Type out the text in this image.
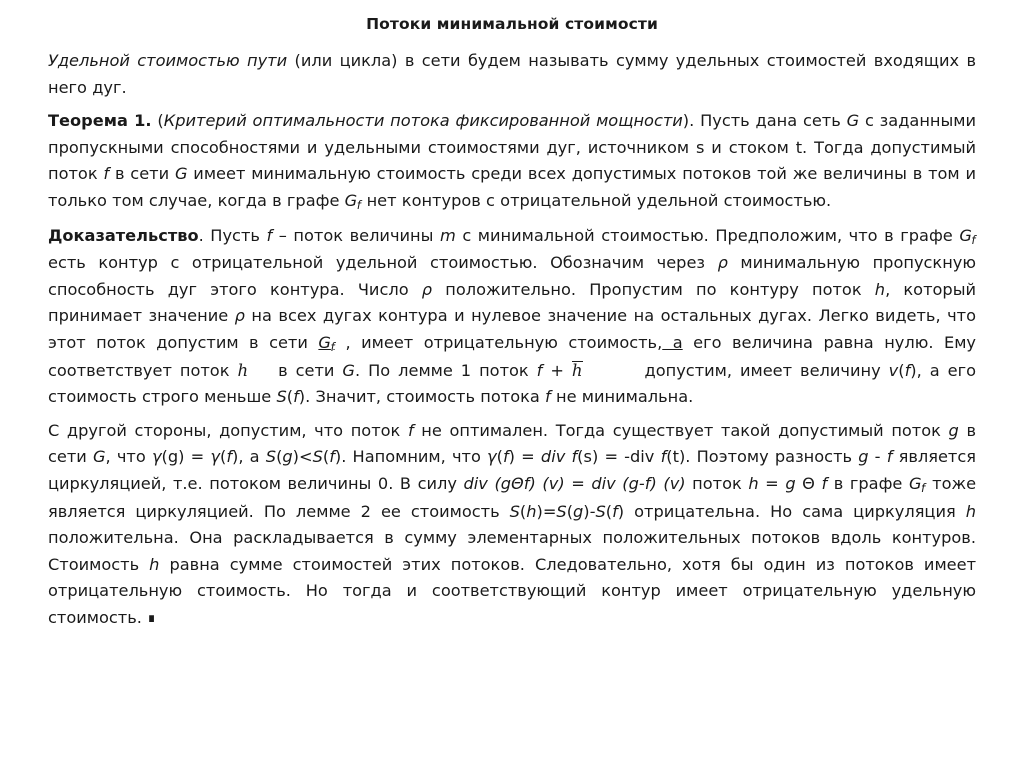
Потоки минимальной стоимости

Удельной стоимостью пути (или цикла) в сети будем называть сумму удельных стоимостей входящих в него дуг.

Теорема 1. (Критерий оптимальности потока фиксированной мощности). Пусть дана сеть G с заданными пропускными способностями и удельными стоимостями дуг, источником s и стоком t. Тогда допустимый поток f в сети G имеет минимальную стоимость среди всех допустимых потоков той же величины в том и только том случае, когда в графе $G_f$ нет контуров с отрицательной удельной стоимостью.

Доказательство. Пусть f – поток величины m с минимальной стоимостью. Предположим, что в графе $G_f$ есть контур с отрицательной удельной стоимостью. Обозначим через ρ минимальную пропускную способность дуг этого контура. Число ρ положительно. Пропустим по контуру поток h, который принимает значение ρ на всех дугах контура и нулевое значение на остальных дугах. Легко видеть, что этот поток допустим в сети $G_f$ , имеет отрицательную стоимость, а его величина равна нулю. Ему соответствует поток h в сети G. По лемме 1 поток f + h	допустим, имеет величину v(f), а его стоимость строго меньше S(f). Значит, стоимость потока f не минимальна.

С другой стороны, допустим, что поток f не оптимален. Тогда существует такой допустимый поток g в сети G, что γ(g) = γ(f), а S(g)<S(f). Напомним, что γ(f) = div f(s) = -div f(t). Поэтому разность g - f является циркуляцией, т.е. потоком величины 0. В силу div (gΘf) (v) = div (g-f) (v) поток h = g Θ f в графе $G_f$ тоже является циркуляцией. По лемме 2 ее стоимость S(h)=S(g)-S(f) отрицательна. Но сама циркуляция h положительна. Она раскладывается в сумму элементарных положительных потоков вдоль контуров. Стоимость h равна сумме стоимостей этих потоков. Следовательно, хотя бы один из потоков имеет отрицательную стоимость. Но тогда и соответствующий контур имеет отрицательную удельную стоимость. ∎
